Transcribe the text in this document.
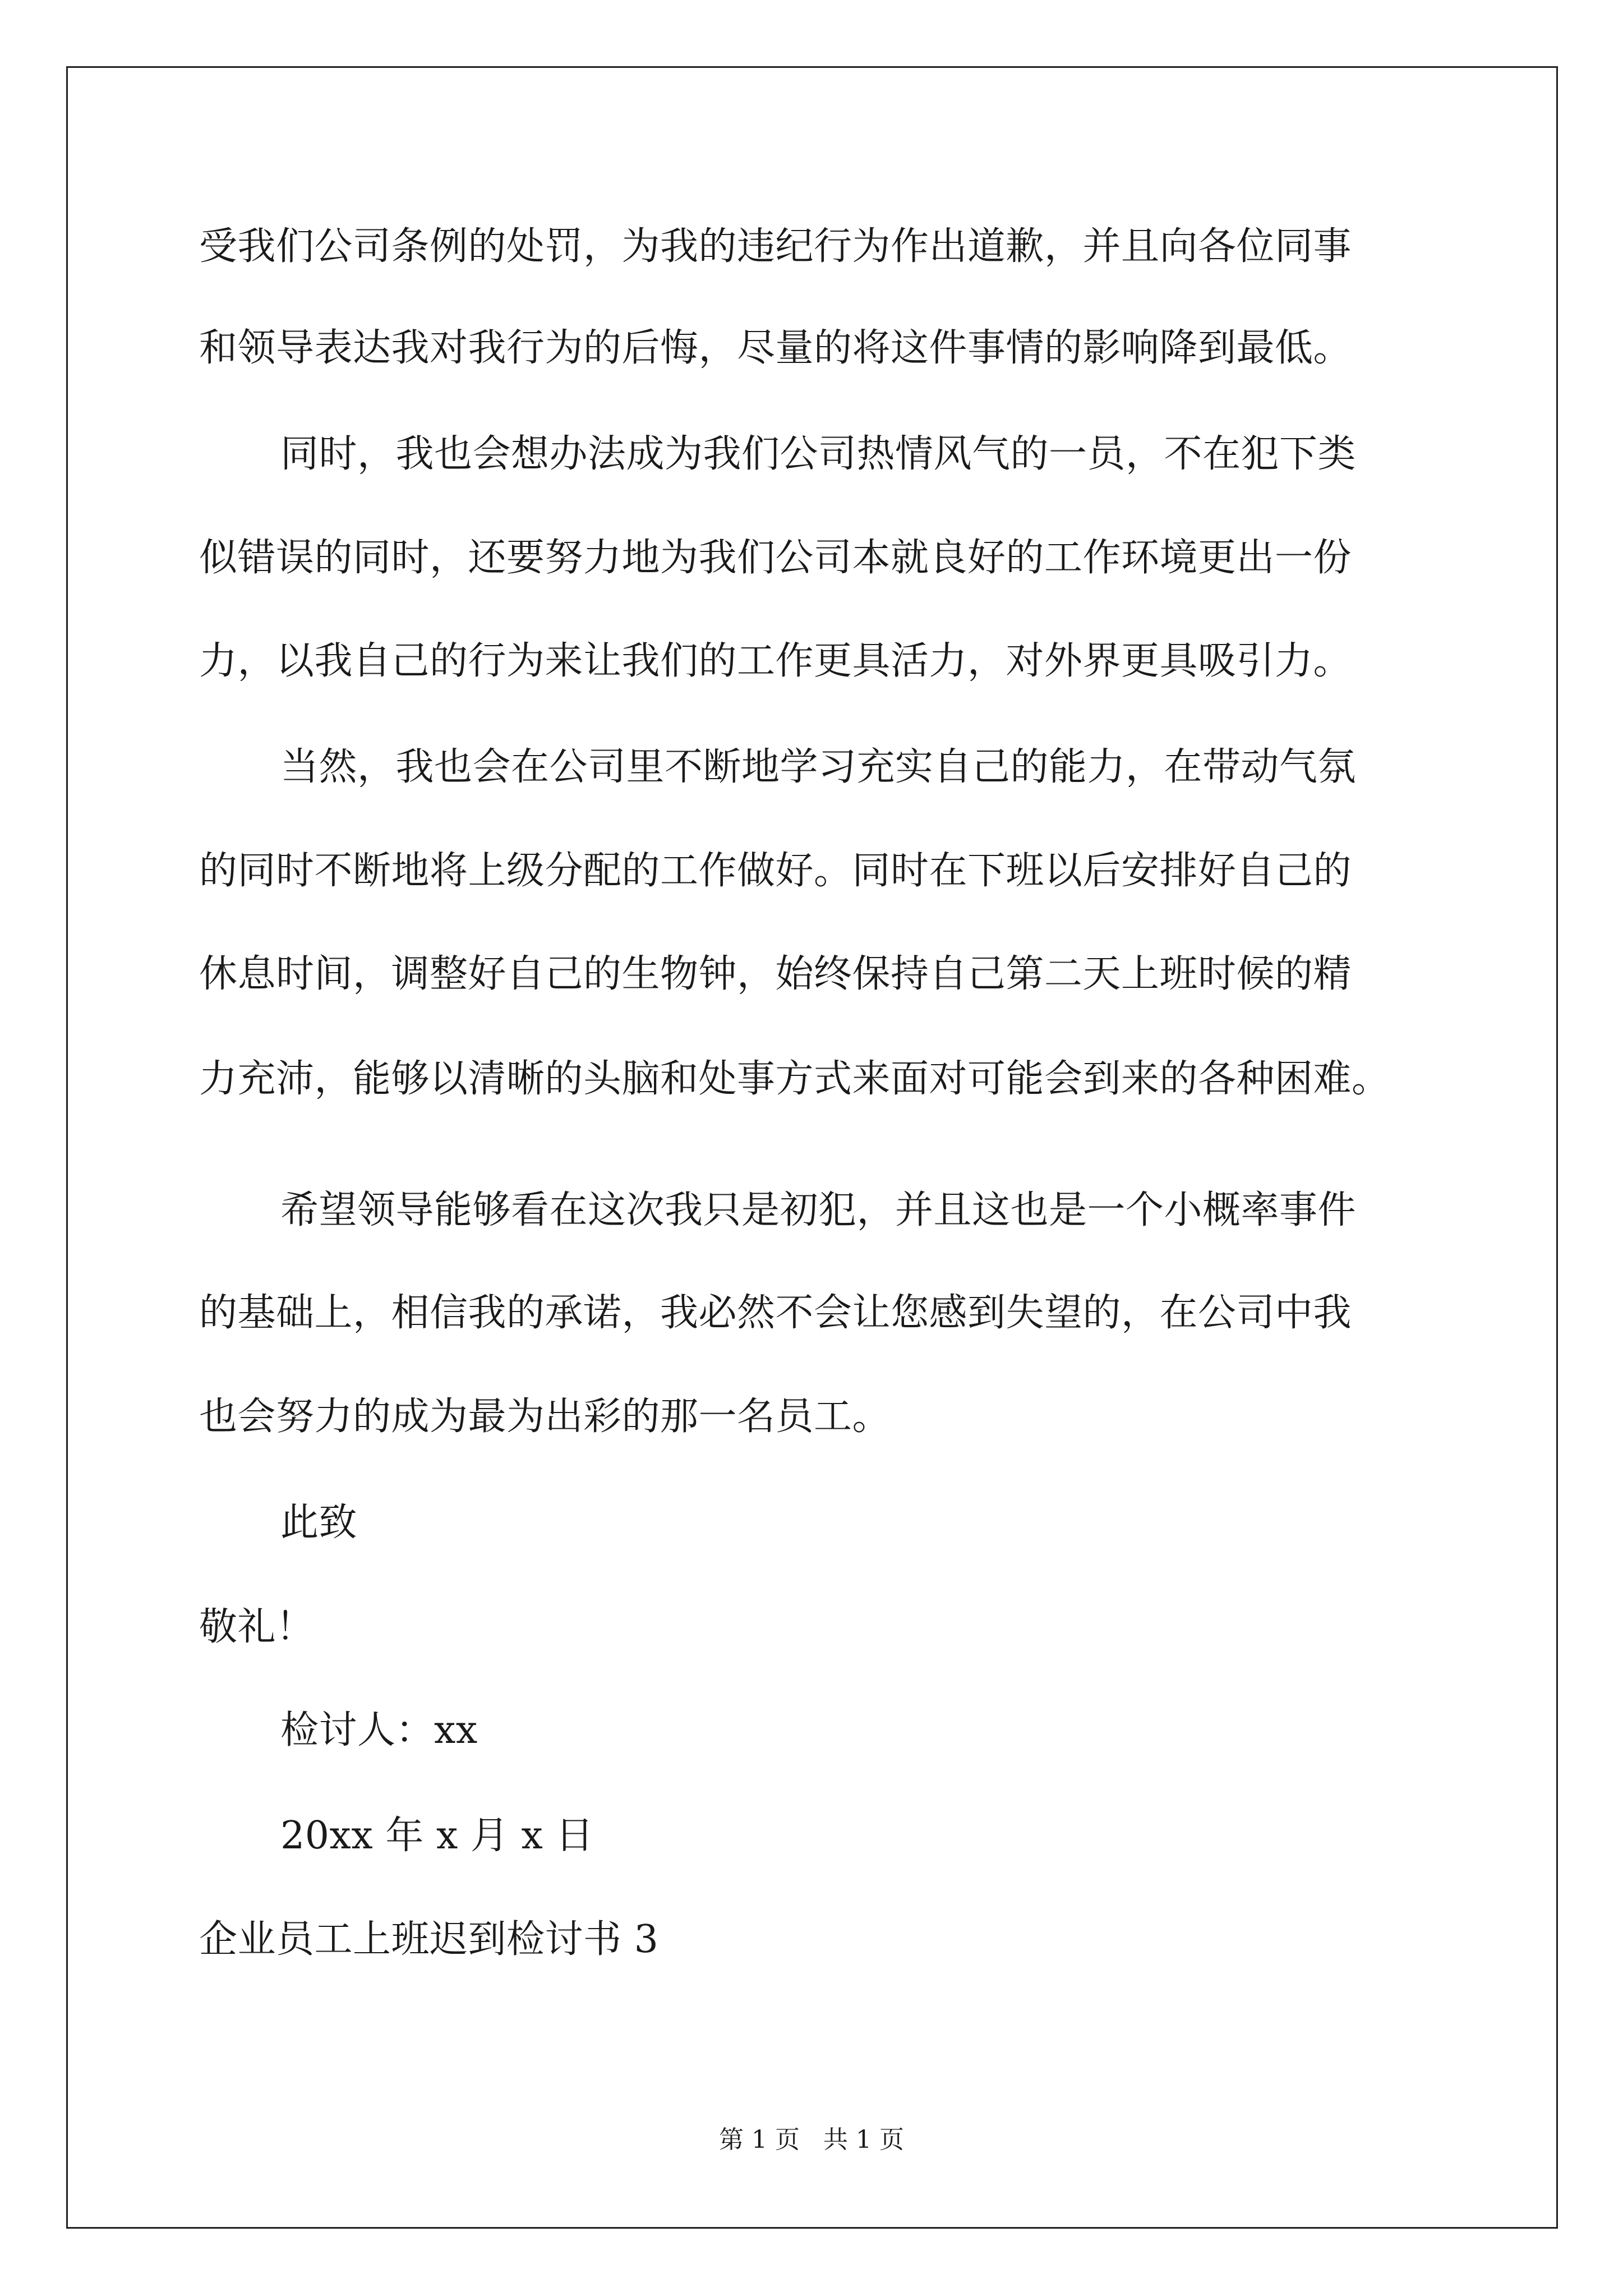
受我们公司条例的处罚，为我的违纪行为作出道歉，并且向各位同事
和领导表达我对我行为的后悔，尽量的将这件事情的影响降到最低。
同时，我也会想办法成为我们公司热情风气的一员，不在犯下类
似错误的同时，还要努力地为我们公司本就良好的工作环境更出一份
力，以我自己的行为来让我们的工作更具活力，对外界更具吸引力。
当然，我也会在公司里不断地学习充实自己的能力，在带动气氛
的同时不断地将上级分配的工作做好。同时在下班以后安排好自己的
休息时间，调整好自己的生物钟，始终保持自己第二天上班时候的精
力充沛，能够以清晰的头脑和处事方式来面对可能会到来的各种困难。
希望领导能够看在这次我只是初犯，并且这也是一个小概率事件
的基础上，相信我的承诺，我必然不会让您感到失望的，在公司中我
也会努力的成为最为出彩的那一名员工。
此致
敬礼！
检讨人：xx
20xx 年 x 月 x 日
企业员工上班迟到检讨书 3
第 1 页   共 1 页
